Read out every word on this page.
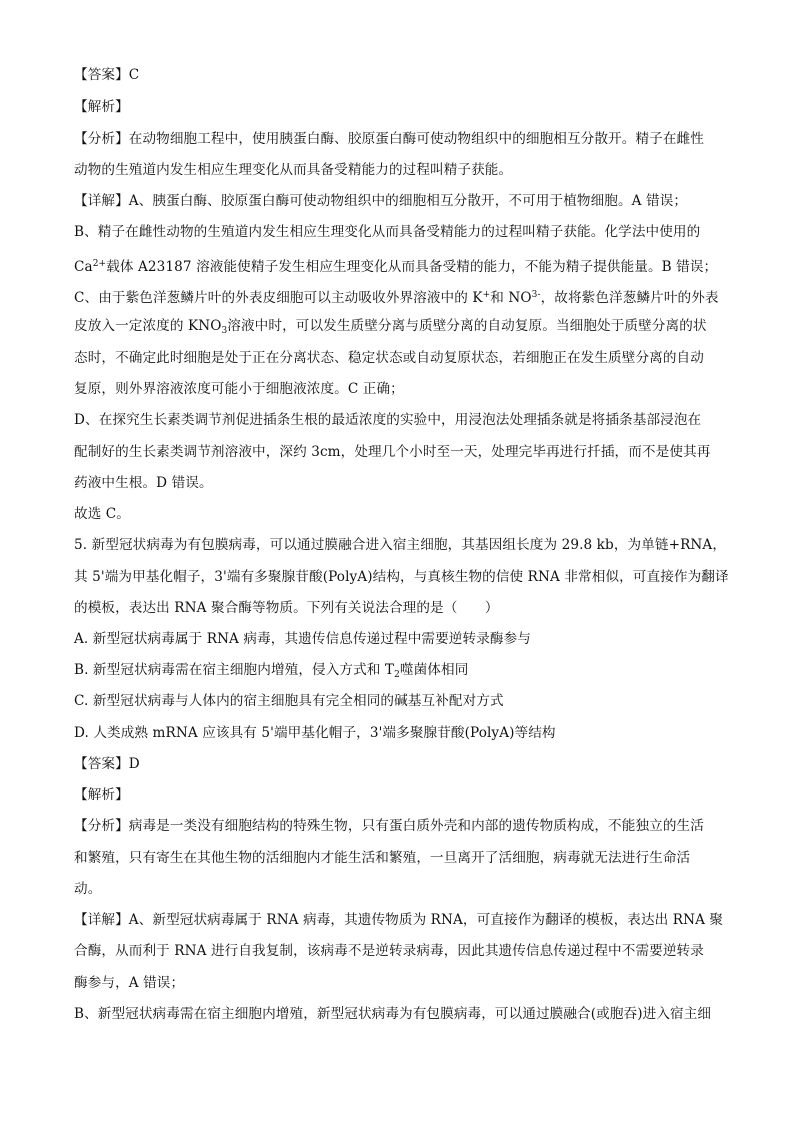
【答案】C
【解析】
【分析】在动物细胞工程中，使用胰蛋白酶、胶原蛋白酶可使动物组织中的细胞相互分散开。精子在雌性
动物的生殖道内发生相应生理变化从而具备受精能力的过程叫精子获能。
【详解】A、胰蛋白酶、胶原蛋白酶可使动物组织中的细胞相互分散开，不可用于植物细胞。A 错误；
B、精子在雌性动物的生殖道内发生相应生理变化从而具备受精能力的过程叫精子获能。化学法中使用的
$Ca^{2+}$载体 A23187 溶液能使精子发生相应生理变化从而具备受精的能力，不能为精子提供能量。B 错误；
C、由于紫色洋葱鳞片叶的外表皮细胞可以主动吸收外界溶液中的 K+和 $NO^{3-}$，故将紫色洋葱鳞片叶的外表
皮放入一定浓度的 $KNO_3$溶液中时，可以发生质壁分离与质壁分离的自动复原。当细胞处于质壁分离的状
态时，不确定此时细胞是处于正在分离状态、稳定状态或自动复原状态，若细胞正在发生质壁分离的自动
复原，则外界溶液浓度可能小于细胞液浓度。C 正确；
D、在探究生长素类调节剂促进插条生根的最适浓度的实验中，用浸泡法处理插条就是将插条基部浸泡在
配制好的生长素类调节剂溶液中，深约 3cm，处理几个小时至一天，处理完毕再进行扦插，而不是使其再
药液中生根。D 错误。
故选 C。
5. 新型冠状病毒为有包膜病毒，可以通过膜融合进入宿主细胞，其基因组长度为 29.8 kb，为单链+RNA，
其 5'端为甲基化帽子，3'端有多聚腺苷酸(PolyA)结构，与真核生物的信使 RNA 非常相似，可直接作为翻译
的模板，表达出 RNA 聚合酶等物质。下列有关说法合理的是（　　）
A. 新型冠状病毒属于 RNA 病毒，其遗传信息传递过程中需要逆转录酶参与
B. 新型冠状病毒需在宿主细胞内增殖，侵入方式和 $T_2$噬菌体相同
C. 新型冠状病毒与人体内的宿主细胞具有完全相同的碱基互补配对方式
D. 人类成熟 mRNA 应该具有 5'端甲基化帽子，3'端多聚腺苷酸(PolyA)等结构
【答案】D
【解析】
【分析】病毒是一类没有细胞结构的特殊生物，只有蛋白质外壳和内部的遗传物质构成，不能独立的生活
和繁殖，只有寄生在其他生物的活细胞内才能生活和繁殖，一旦离开了活细胞，病毒就无法进行生命活
动。
【详解】A、新型冠状病毒属于 RNA 病毒，其遗传物质为 RNA，可直接作为翻译的模板，表达出 RNA 聚
合酶，从而利于 RNA 进行自我复制，该病毒不是逆转录病毒，因此其遗传信息传递过程中不需要逆转录
酶参与，A 错误；
B、新型冠状病毒需在宿主细胞内增殖，新型冠状病毒为有包膜病毒，可以通过膜融合(或胞吞)进入宿主细
